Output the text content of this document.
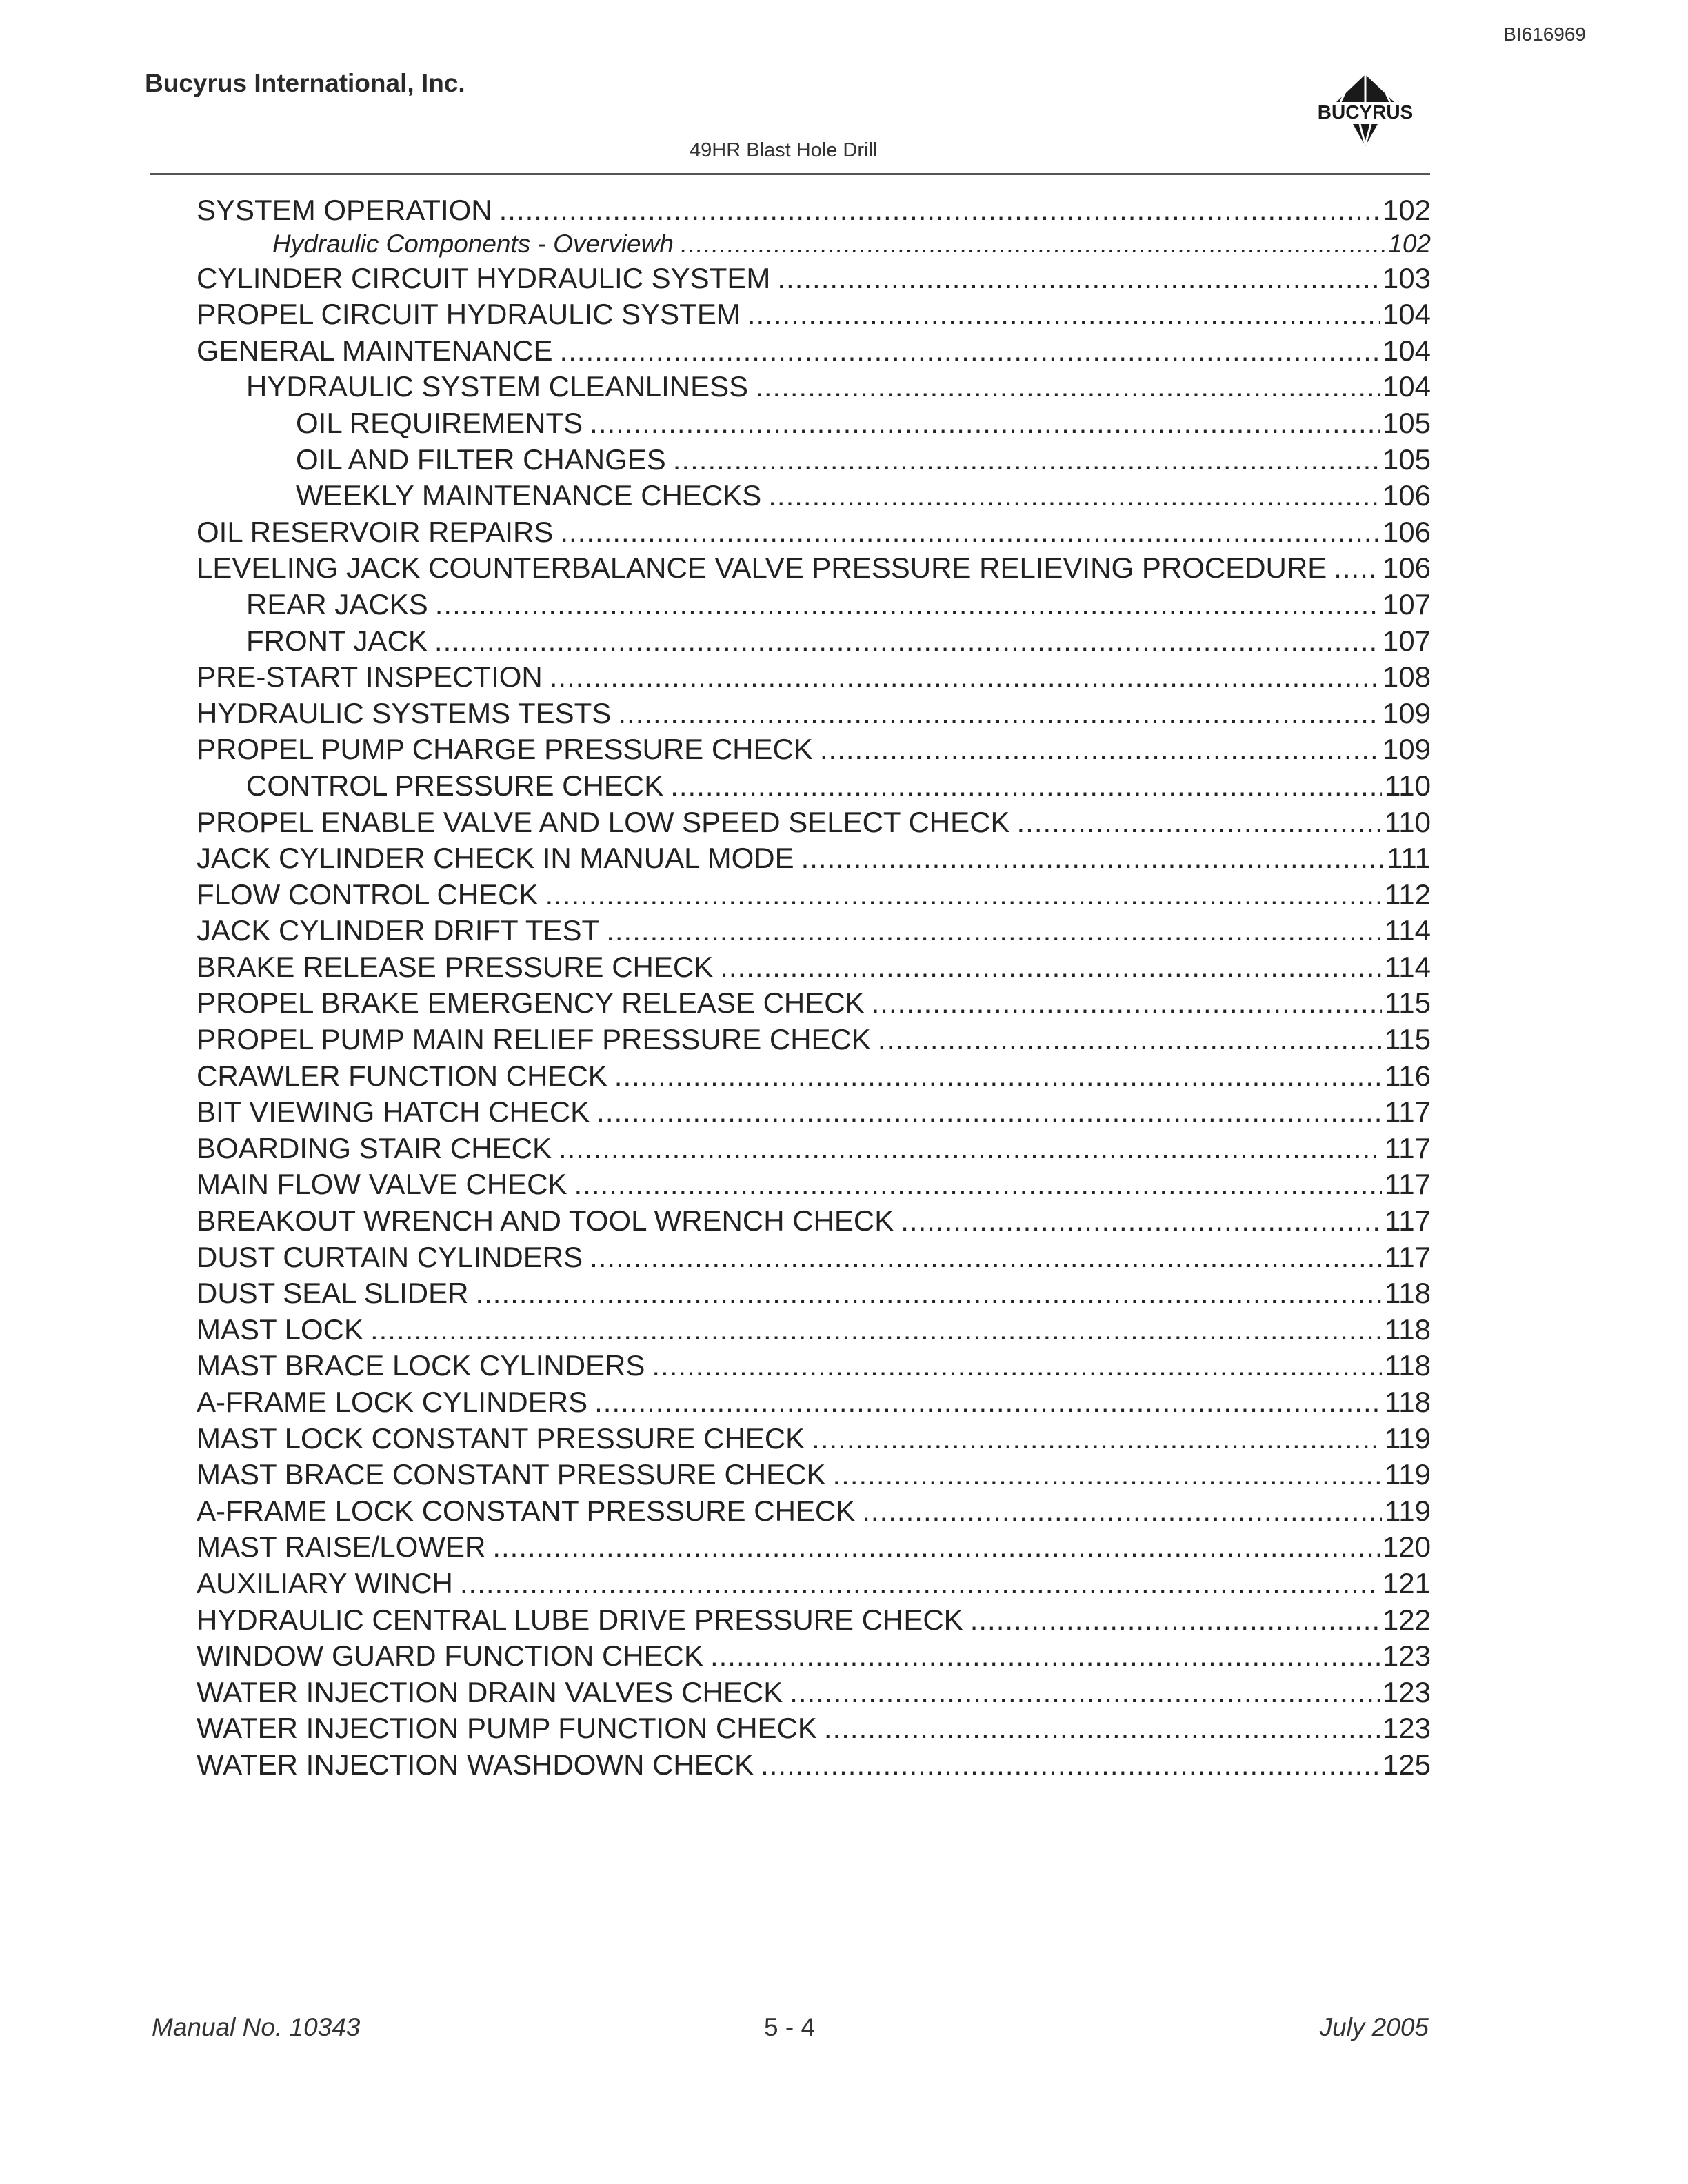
BI616969
Bucyrus International, Inc.
BUCYRUS
49HR Blast Hole Drill
SYSTEM OPERATION .....	102
Hydraulic Components - Overviewh .....	102
CYLINDER CIRCUIT HYDRAULIC SYSTEM .....	103
PROPEL CIRCUIT HYDRAULIC SYSTEM .....	104
GENERAL MAINTENANCE .....	104
HYDRAULIC SYSTEM CLEANLINESS .....	104
OIL REQUIREMENTS .....	105
OIL AND FILTER CHANGES .....	105
WEEKLY MAINTENANCE CHECKS .....	106
OIL RESERVOIR REPAIRS .....	106
LEVELING JACK COUNTERBALANCE VALVE PRESSURE RELIEVING PROCEDURE ..... 106
REAR JACKS .....	107
FRONT JACK .....	107
PRE-START INSPECTION .....	108
HYDRAULIC SYSTEMS TESTS .....	109
PROPEL PUMP CHARGE PRESSURE CHECK .....	109
CONTROL PRESSURE CHECK .....	110
PROPEL ENABLE VALVE AND LOW SPEED SELECT CHECK .....	110
JACK CYLINDER CHECK IN MANUAL MODE .....	111
FLOW CONTROL CHECK .....	112
JACK CYLINDER DRIFT TEST .....	114
BRAKE RELEASE PRESSURE CHECK .....	114
PROPEL BRAKE EMERGENCY RELEASE CHECK .....	115
PROPEL PUMP MAIN RELIEF PRESSURE CHECK .....	115
CRAWLER FUNCTION CHECK .....	116
BIT VIEWING HATCH CHECK .....	117
BOARDING STAIR CHECK .....	117
MAIN FLOW VALVE CHECK .....	117
BREAKOUT WRENCH AND TOOL WRENCH CHECK .....	117
DUST CURTAIN CYLINDERS .....	117
DUST SEAL SLIDER .....	118
MAST LOCK .....	118
MAST BRACE LOCK CYLINDERS .....	118
A-FRAME LOCK CYLINDERS .....	118
MAST LOCK CONSTANT PRESSURE CHECK .....	119
MAST BRACE CONSTANT PRESSURE CHECK .....	119
A-FRAME LOCK CONSTANT PRESSURE CHECK .....	119
MAST RAISE/LOWER .....	120
AUXILIARY WINCH .....	121
HYDRAULIC CENTRAL LUBE DRIVE PRESSURE CHECK .....	122
WINDOW GUARD FUNCTION CHECK .....	123
WATER INJECTION DRAIN VALVES CHECK .....	123
WATER INJECTION PUMP FUNCTION CHECK .....	123
WATER INJECTION WASHDOWN CHECK .....	125
Manual No. 10343	5 - 4	July 2005
